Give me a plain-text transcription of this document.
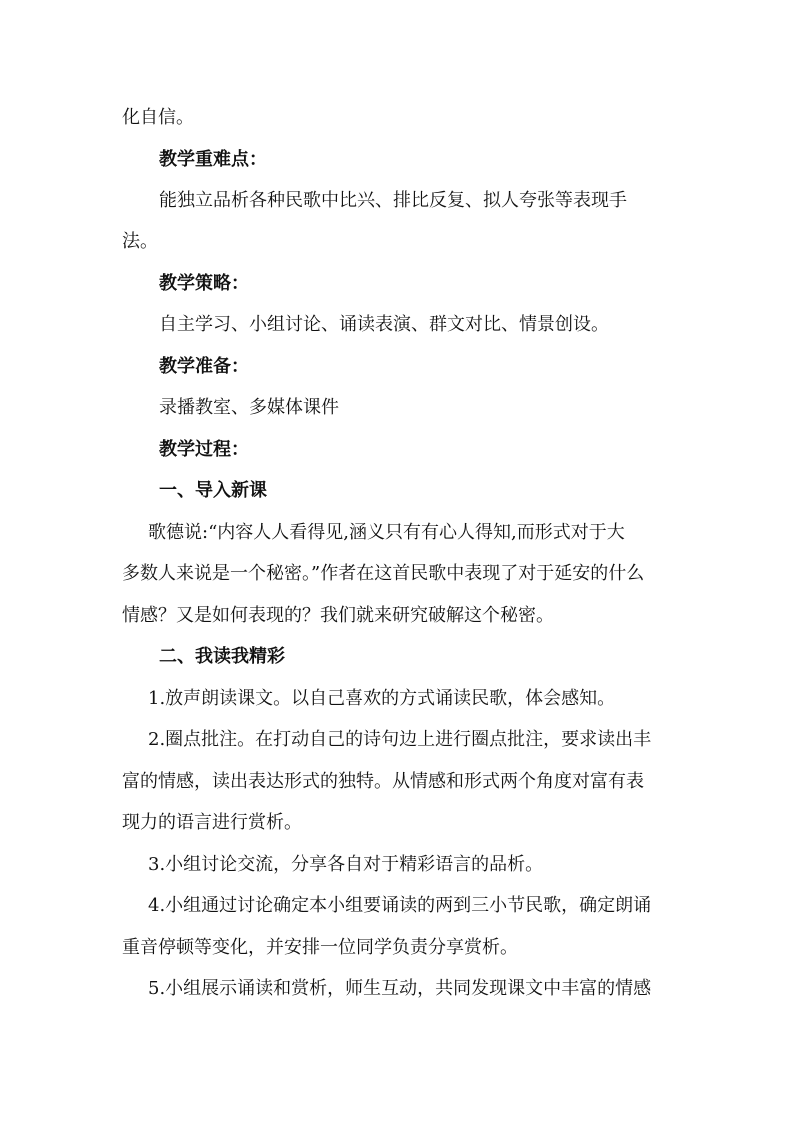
化自信。
教学重难点：
能独立品析各种民歌中比兴、排比反复、拟人夸张等表现手
法。
教学策略：
自主学习、小组讨论、诵读表演、群文对比、情景创设。
教学准备：
录播教室、多媒体课件
教学过程：
一、导入新课
歌德说:“内容人人看得见,涵义只有有心人得知,而形式对于大
多数人来说是一个秘密。”作者在这首民歌中表现了对于延安的什么
情感？又是如何表现的？我们就来研究破解这个秘密。
二、我读我精彩
1.放声朗读课文。以自己喜欢的方式诵读民歌，体会感知。
2.圈点批注。在打动自己的诗句边上进行圈点批注，要求读出丰
富的情感，读出表达形式的独特。从情感和形式两个角度对富有表
现力的语言进行赏析。
3.小组讨论交流，分享各自对于精彩语言的品析。
4.小组通过讨论确定本小组要诵读的两到三小节民歌，确定朗诵
重音停顿等变化，并安排一位同学负责分享赏析。
5.小组展示诵读和赏析，师生互动，共同发现课文中丰富的情感
